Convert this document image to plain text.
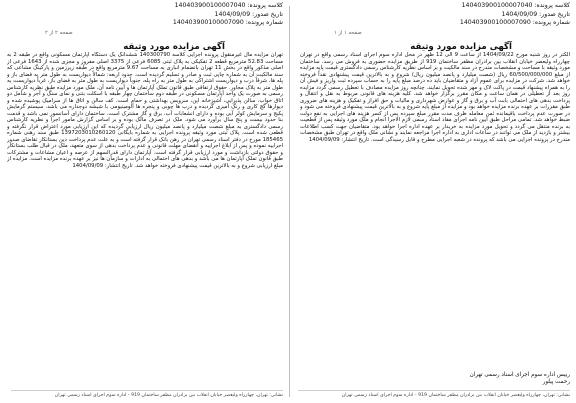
کلاسه پرونده: 140403900100007040
تاریخ صدور: 1404/09/09
شماره پرونده: 140403900100007090
صفحه ۱ از ۱
آگهی مزایده مورد وثیقه
الکتر در روز شنبه مورخ 1404/09/22 از ساعت 9 الی 12 ظهر در محل اداره سوم اجرای اسناد رسمی واقع در تهران چهارراه ولیعصر خیابان انقلاب بین برادران مظفر ساختمان 919 از طریق مزایده حضوری به فروش می رسد. ساختمان مورد وثیقه با مساحت و مشخصات مندرج در سند مالکیت و بر اساس نظریه کارشناس رسمی دادگستری قیمت پایه مزایده از مبلغ 60/500/000/000 ریال (شصت میلیارد و پانصد میلیون ریال) شروع و به بالاترین قیمت پیشنهادی نقداً فروخته خواهد شد. شرکت در مزایده برای عموم آزاد و متقاضیان باید ده درصد مبلغ پایه را به حساب سپرده ثبت واریز و فیش آن را به همراه پیشنهاد قیمت در پاکت لاک و مهر شده تحویل نمایند. چنانچه روز مزایده مصادف با تعطیل رسمی گردد مزایده روز بعد از تعطیلی در همان ساعت و مکان مقرر برگزار خواهد شد. کلیه هزینه های قانونی مربوط به نقل و انتقال و پرداخت بدهی های احتمالی بابت آب و برق و گاز و عوارض شهرداری و مالیات و حق افراز و تفکیک و هزینه های ضروری طبق مقررات بر عهده برنده مزایده خواهد بود و مزایده از مبلغ پایه شروع و به بالاترین قیمت پیشنهادی فروخته می شود و در صورت عدم پرداخت باقیمانده ثمن معامله ظرف مدت مقرر مبلغ سپرده پس از کسر هزینه های اجرایی به نفع دولت ضبط خواهد شد. تمامی مراحل طبق آیین نامه اجرای مفاد اسناد رسمی لازم الاجرا انجام و ملک مورد وثیقه پس از قطعیت به برنده منتقل می گردد و تحویل مورد مزایده به خریدار بر عهده اداره اجرا خواهد بود. متقاضیان جهت کسب اطلاعات بیشتر و بازدید از ملک می توانند در ساعات اداری به اداره اجرا مراجعه نمایند و نشانی ملک واقع در تهران طبق مشخصات مندرج در پرونده اجرایی می باشد که پرونده در شعبه اجرایی مطرح و قابل رسیدگی است. تاریخ انتشار: 1404/09/09
رییس اداره سوم اجرای اسناد رسمی تهران
رحمت پیلور
نشانی: تهران، چهارراه ولیعصر خیابان انقلاب بین برادران مظفر ساختمان 919 - اداره سوم اجرای اسناد رسمی تهران
کلاسه پرونده: 140403900100007040
تاریخ صدور: 1404/09/09
شماره پرونده: 140403900100007090
صفحه ۲ از ۲
آگهی مزایده مورد وثیقه
تهران مزایده مال غیرمنقول پرونده اجرایی کلاسه 140300790 ششدانگ یک دستگاه آپارتمان مسکونی واقع در طبقه 2 به مساحت 52.83 مترمربع قطعه 2 تفکیکی به پلاک ثبتی 6085 فرعی از 3375 اصلی مفروز و مجزی شده از 1643 فرعی از اصلی مذکور واقع در بخش 11 تهران بانضمام انباری به مساحت 9.67 مترمربع واقع در طبقه زیرزمین و پارکینگ مشاعی که سند مالکیت آن به شماره چاپی ثبت و صادر و تسلیم گردیده است. حدود اربعه: شمالاً دیواریست به طول متر به فضای باز و پله ها، شرقاً درب و دیواریست اشتراکی به طول متر به راه پله، جنوباً دیواریست به طول متر به فضای باز، غرباً دیواریست به طول متر به پلاک مجاور. حقوق ارتفاقی طبق قانون تملک آپارتمان ها و آیین نامه آن. ملک مورد مزایده طبق نظریه کارشناس رسمی به صورت یک واحد آپارتمان مسکونی در طبقه دوم ساختمان چهار طبقه با اسکلت بتنی و نمای سنگ و آجر و شامل دو اتاق خواب، سالن پذیرایی، آشپزخانه اپن، سرویس بهداشتی و حمام است. کف سالن و اتاق ها از سرامیک پوشیده شده و دیوارها گچ کاری و رنگ آمیزی گردیده و درب ها چوبی و پنجره ها آلومینیومی با شیشه دوجداره می باشد. سیستم گرمایش پکیج و سرمایش کولر آبی بوده و دارای انشعابات آب، برق و گاز مشترک است. ساختمان دارای آسانسور نمی باشد و قدمت بنا حدود بیست و پنج سال برآورد می شود. ملک در تصرف مالک بوده و بر اساس گزارش مامور اجرا و نظریه کارشناس رسمی دادگستری به مبلغ شصت میلیارد و پانصد میلیون ریال ارزیابی گردیده که این ارزیابی مورد اعتراض قرار نگرفته و قطعی شده است. پلاک ثبتی مورد وثیقه پرونده اجرایی به شماره بایگانی 1397203010260120 طبق سند رهنی شماره 185465 مورخ در دفتر اسناد رسمی تهران در رهن بانک قرار گرفته است و به علت عدم پرداخت دین بستانکار تقاضای صدور اجراییه نموده و پس از ابلاغ اجراییه و انقضای مهلت قانونی و عدم پرداخت بدهی از سوی متعهد، ملک در قبال طلب بستانکار و حقوق دولتی بازداشت و مورد ارزیابی قرار گرفته است. آپارتمان دارای قدرالسهم از عرصه و اعیان مشاعات و مشترکات طبق قانون تملک آپارتمان ها می باشد و بدهی های احتمالی به ادارات و سازمان ها نیز بر عهده برنده مزایده است. مزایده از مبلغ ارزیابی شروع و به بالاترین قیمت پیشنهادی فروخته خواهد شد. تاریخ انتشار: 1404/09/09
نشانی: تهران، چهارراه ولیعصر خیابان انقلاب بین برادران مظفر ساختمان 919 - اداره سوم اجرای اسناد رسمی تهران
